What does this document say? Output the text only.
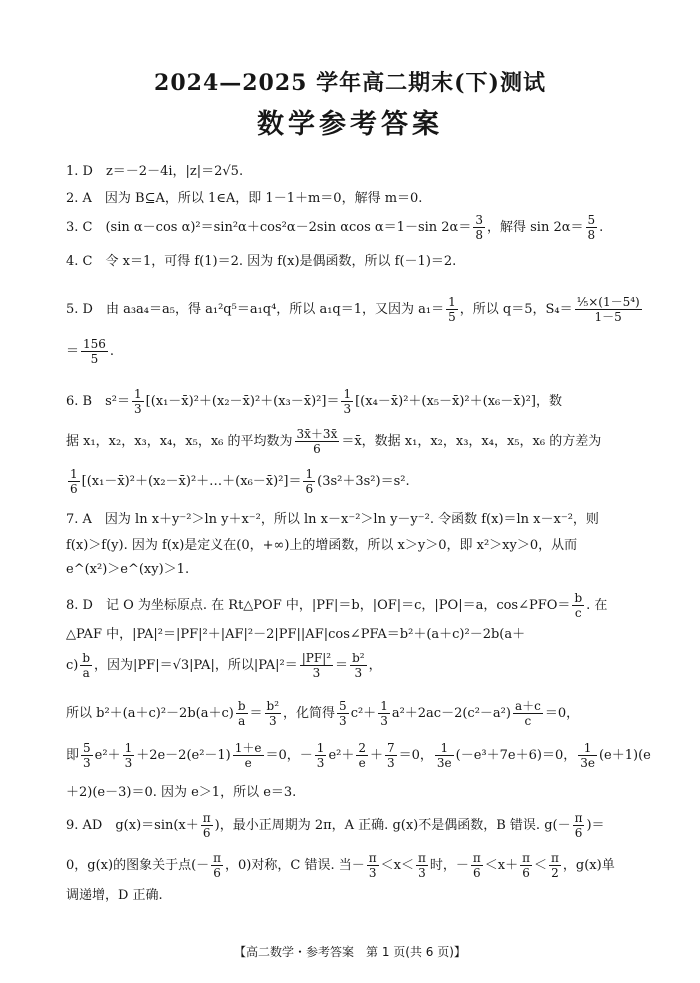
2024—2025 学年高二期末(下)测试
数学参考答案
1. D　z＝－2－4i，|z|＝2√5.
2. A　因为 B⊆A，所以 1∈A，即 1－1＋m＝0，解得 m＝0.
3. C　(sin α－cos α)²＝sin²α＋cos²α－2sin αcos α＝1－sin $2\alpha= \frac{3}{8}$ ，解得 $\sin 2\alpha= \frac{5}{8}$ .
4. C　令 x＝1，可得 f(1)＝2. 因为 f(x)是偶函数，所以 f(－1)＝2.
5. D　由 a₃a₄＝a₅，得 a₁²q⁵＝a₁q⁴，所以 a₁q＝1，又因为 $a_1= \frac{1}{5}$ ，所以 q＝5，$S_4= \frac{\text{⅕×(1－5⁴)}}{1-5}$
＝ $\frac{156}{5}$ .
6. B　$s^2= \frac{1}{3}$ [(x₁－x̄)²＋(x₂－x̄)²＋(x₃－x̄)²]＝ $\frac{1}{3}$ [(x₄－x̄)²＋(x₅－x̄)²＋(x₆－x̄)²]，数
据 x₁，x₂，x₃，x₄，x₅，x₆ 的平均数为 $\frac{3x̄+3x̄}{6}$ ＝x̄，数据 x₁，x₂，x₃，x₄，x₅，x₆ 的方差为
$\frac{1}{6}$ [(x₁－x̄)²＋(x₂－x̄)²＋…＋(x₆－x̄)²]＝ $\frac{1}{6} (3s^2+3s^2)=s^2$.
7. A　因为 ln x＋y⁻²＞ln y＋x⁻²，所以 ln x－x⁻²＞ln y－y⁻². 令函数 f(x)＝ln x－x⁻²，则
f(x)＞f(y). 因为 f(x)是定义在(0，+∞)上的增函数，所以 x＞y＞0，即 x²＞xy＞0，从而
e^(x²)＞e^(xy)＞1.
8. D　记 O 为坐标原点. 在 Rt△POF 中，|PF|＝b，|OF|＝c，|PO|＝a，cos∠PFO＝ $\frac{b}{c}$ . 在
△PAF 中，|PA|²＝|PF|²＋|AF|²－2|PF||AF|cos∠PFA＝b²＋(a＋c)²－2b(a＋
$c) \frac{b}{a}$ ，因为|PF|＝√3|PA|，所以$|PA|^2= \frac{\text{|PF|²}}{3} = \frac{\text{b²}}{3}$ ，
所以 $b^2+(a+c)^2-2b(a+c) \frac{b}{a} = \frac{\text{b²}}{3}$ ，化简得 $\frac{5}{3} c^2+ \frac{1}{3} a^2+2ac-2(c^2-a^2) \frac{a+c}{c} =0$，
即 $\frac{5}{3} e^2+ \frac{1}{3} +2e-2(e^2-1) \frac{1+e}{e} =0$，－ $\frac{1}{3} e^2+ \frac{2}{e} + \frac{7}{3} =0$， $\frac{1}{3e} (-e^3+7e+6)=0$， $\frac{1}{3e} (e+1)(e$
＋2)(e－3)＝0. 因为 e＞1，所以 e＝3.
9. AD　$g(x)=\sin(x+ \frac{\pi}{6}$ )，最小正周期为 2π，A 正确. g(x)不是偶函数，B 错误. $g(- \frac{\pi}{6}$ )＝
0，g(x)的图象关于点(－ $\frac{\pi}{6}$ ，0)对称，C 错误. 当－ $\frac{\pi}{3} <x< \frac{\pi}{3}$ 时，－ $\frac{\pi}{6} <x+ \frac{\pi}{6} < \frac{\pi}{2}$ ，g(x)单
调递增，D 正确.
【高二数学・参考答案　第 1 页(共 6 页)】
